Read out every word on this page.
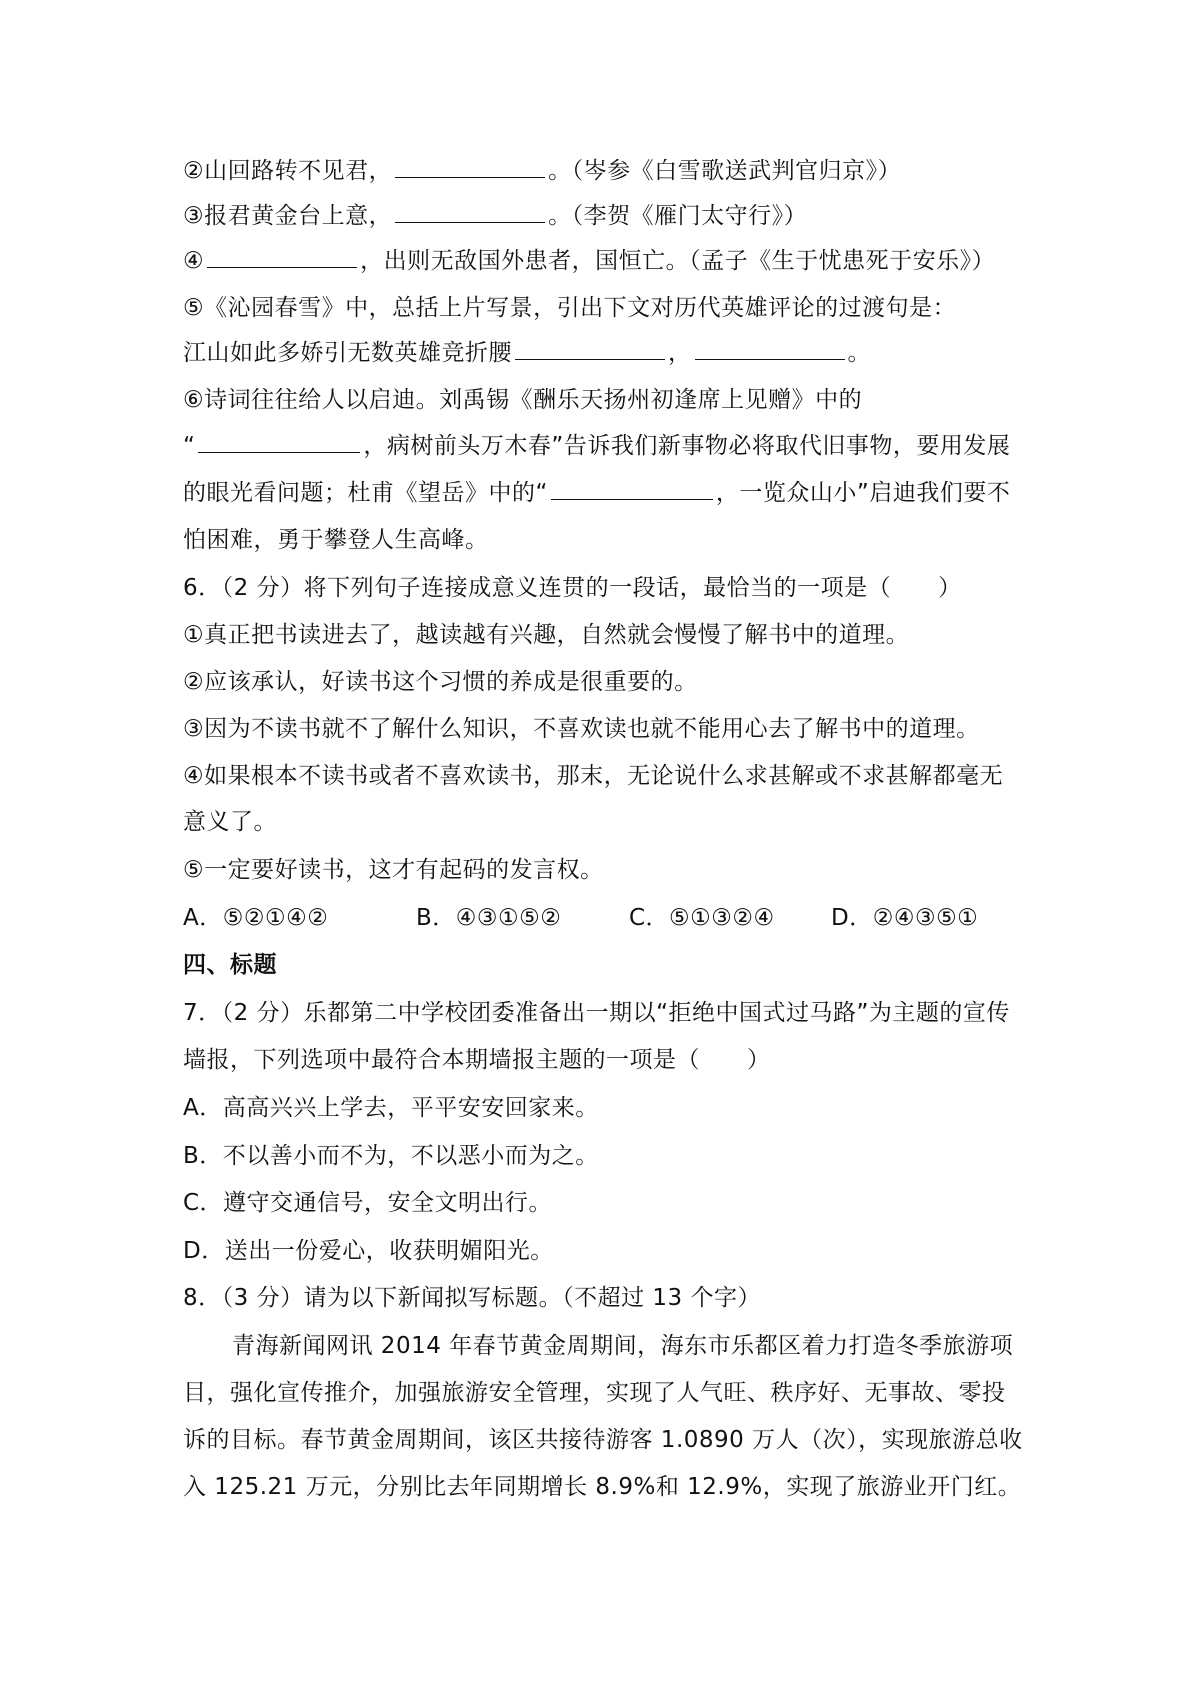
②山回路转不见君，	。（岑参《白雪歌送武判官归京》）
③报君黄金台上意，	。（李贺《雁门太守行》）
④	，出则无敌国外患者，国恒亡。（孟子《生于忧患死于安乐》）
⑤《沁园春雪》中，总括上片写景，引出下文对历代英雄评论的过渡句是：
江山如此多娇引无数英雄竞折腰	，	。
⑥诗词往往给人以启迪。刘禹锡《酬乐天扬州初逢席上见赠》中的
“	，病树前头万木春”告诉我们新事物必将取代旧事物，要用发展
的眼光看问题；杜甫《望岳》中的“	，一览众山小”启迪我们要不
怕困难，勇于攀登人生高峰。
6．（2 分）将下列句子连接成意义连贯的一段话，最恰当的一项是（　　）
①真正把书读进去了，越读越有兴趣，自然就会慢慢了解书中的道理。
②应该承认，好读书这个习惯的养成是很重要的。
③因为不读书就不了解什么知识，不喜欢读也就不能用心去了解书中的道理。
④如果根本不读书或者不喜欢读书，那末，无论说什么求甚解或不求甚解都毫无
意义了。
⑤一定要好读书，这才有起码的发言权。
A．⑤②①④②	B．④③①⑤②	C．⑤①③②④ D．②④③⑤①
四、标题
7．（2 分）乐都第二中学校团委准备出一期以“拒绝中国式过马路”为主题的宣传
墙报，下列选项中最符合本期墙报主题的一项是（　　）
A．高高兴兴上学去，平平安安回家来。
B．不以善小而不为，不以恶小而为之。
C．遵守交通信号，安全文明出行。
D．送出一份爱心，收获明媚阳光。
8．（3 分）请为以下新闻拟写标题。（不超过 13 个字）
青海新闻网讯 2014 年春节黄金周期间，海东市乐都区着力打造冬季旅游项
目，强化宣传推介，加强旅游安全管理，实现了人气旺、秩序好、无事故、零投
诉的目标。春节黄金周期间，该区共接待游客 1.0890 万人（次），实现旅游总收
入 125.21 万元，分别比去年同期增长 8.9%和 12.9%，实现了旅游业开门红。
